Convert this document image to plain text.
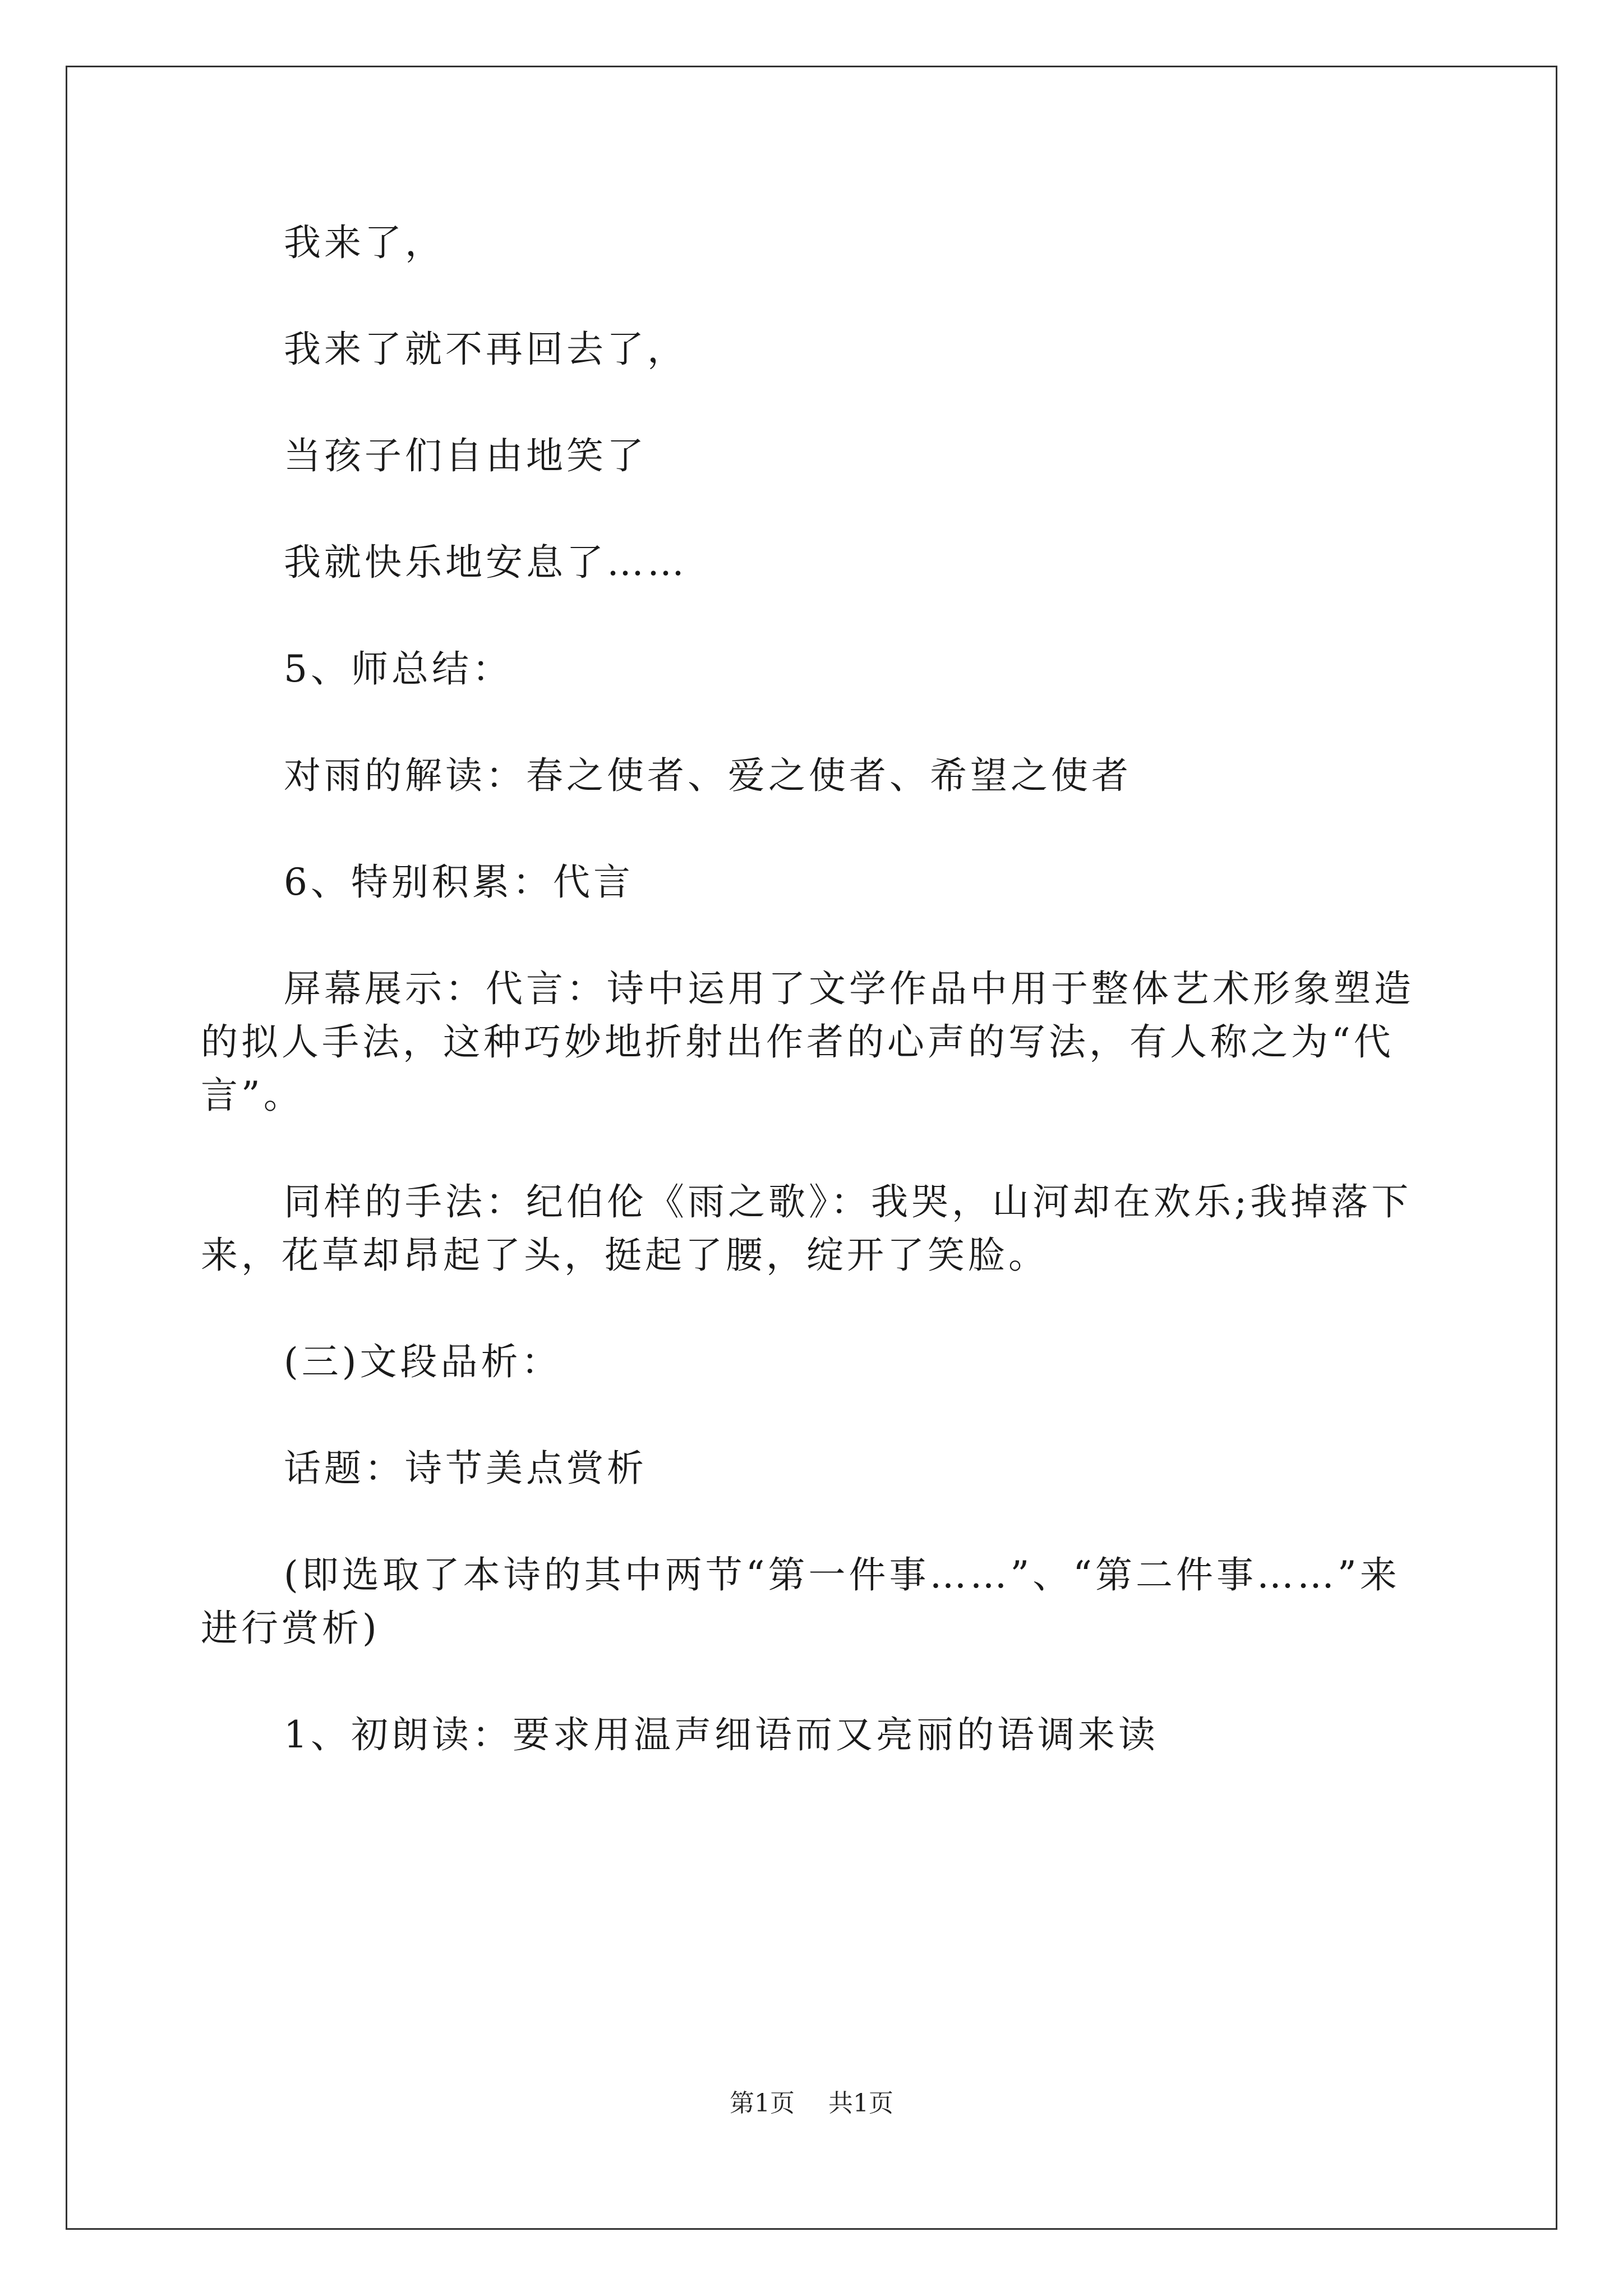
我来了，

我来了就不再回去了，

当孩子们自由地笑了

我就快乐地安息了……

5、师总结：

对雨的解读：春之使者、爱之使者、希望之使者

6、特别积累：代言

屏幕展示：代言：诗中运用了文学作品中用于整体艺术形象塑造的拟人手法，这种巧妙地折射出作者的心声的写法，有人称之为“代言”。

同样的手法：纪伯伦《雨之歌》：我哭，山河却在欢乐;我掉落下来，花草却昂起了头，挺起了腰，绽开了笑脸。

(三)文段品析：

话题：诗节美点赏析

(即选取了本诗的其中两节“第一件事……”、“第二件事……”来进行赏析)

1、初朗读：要求用温声细语而又亮丽的语调来读

第1页 共1页
